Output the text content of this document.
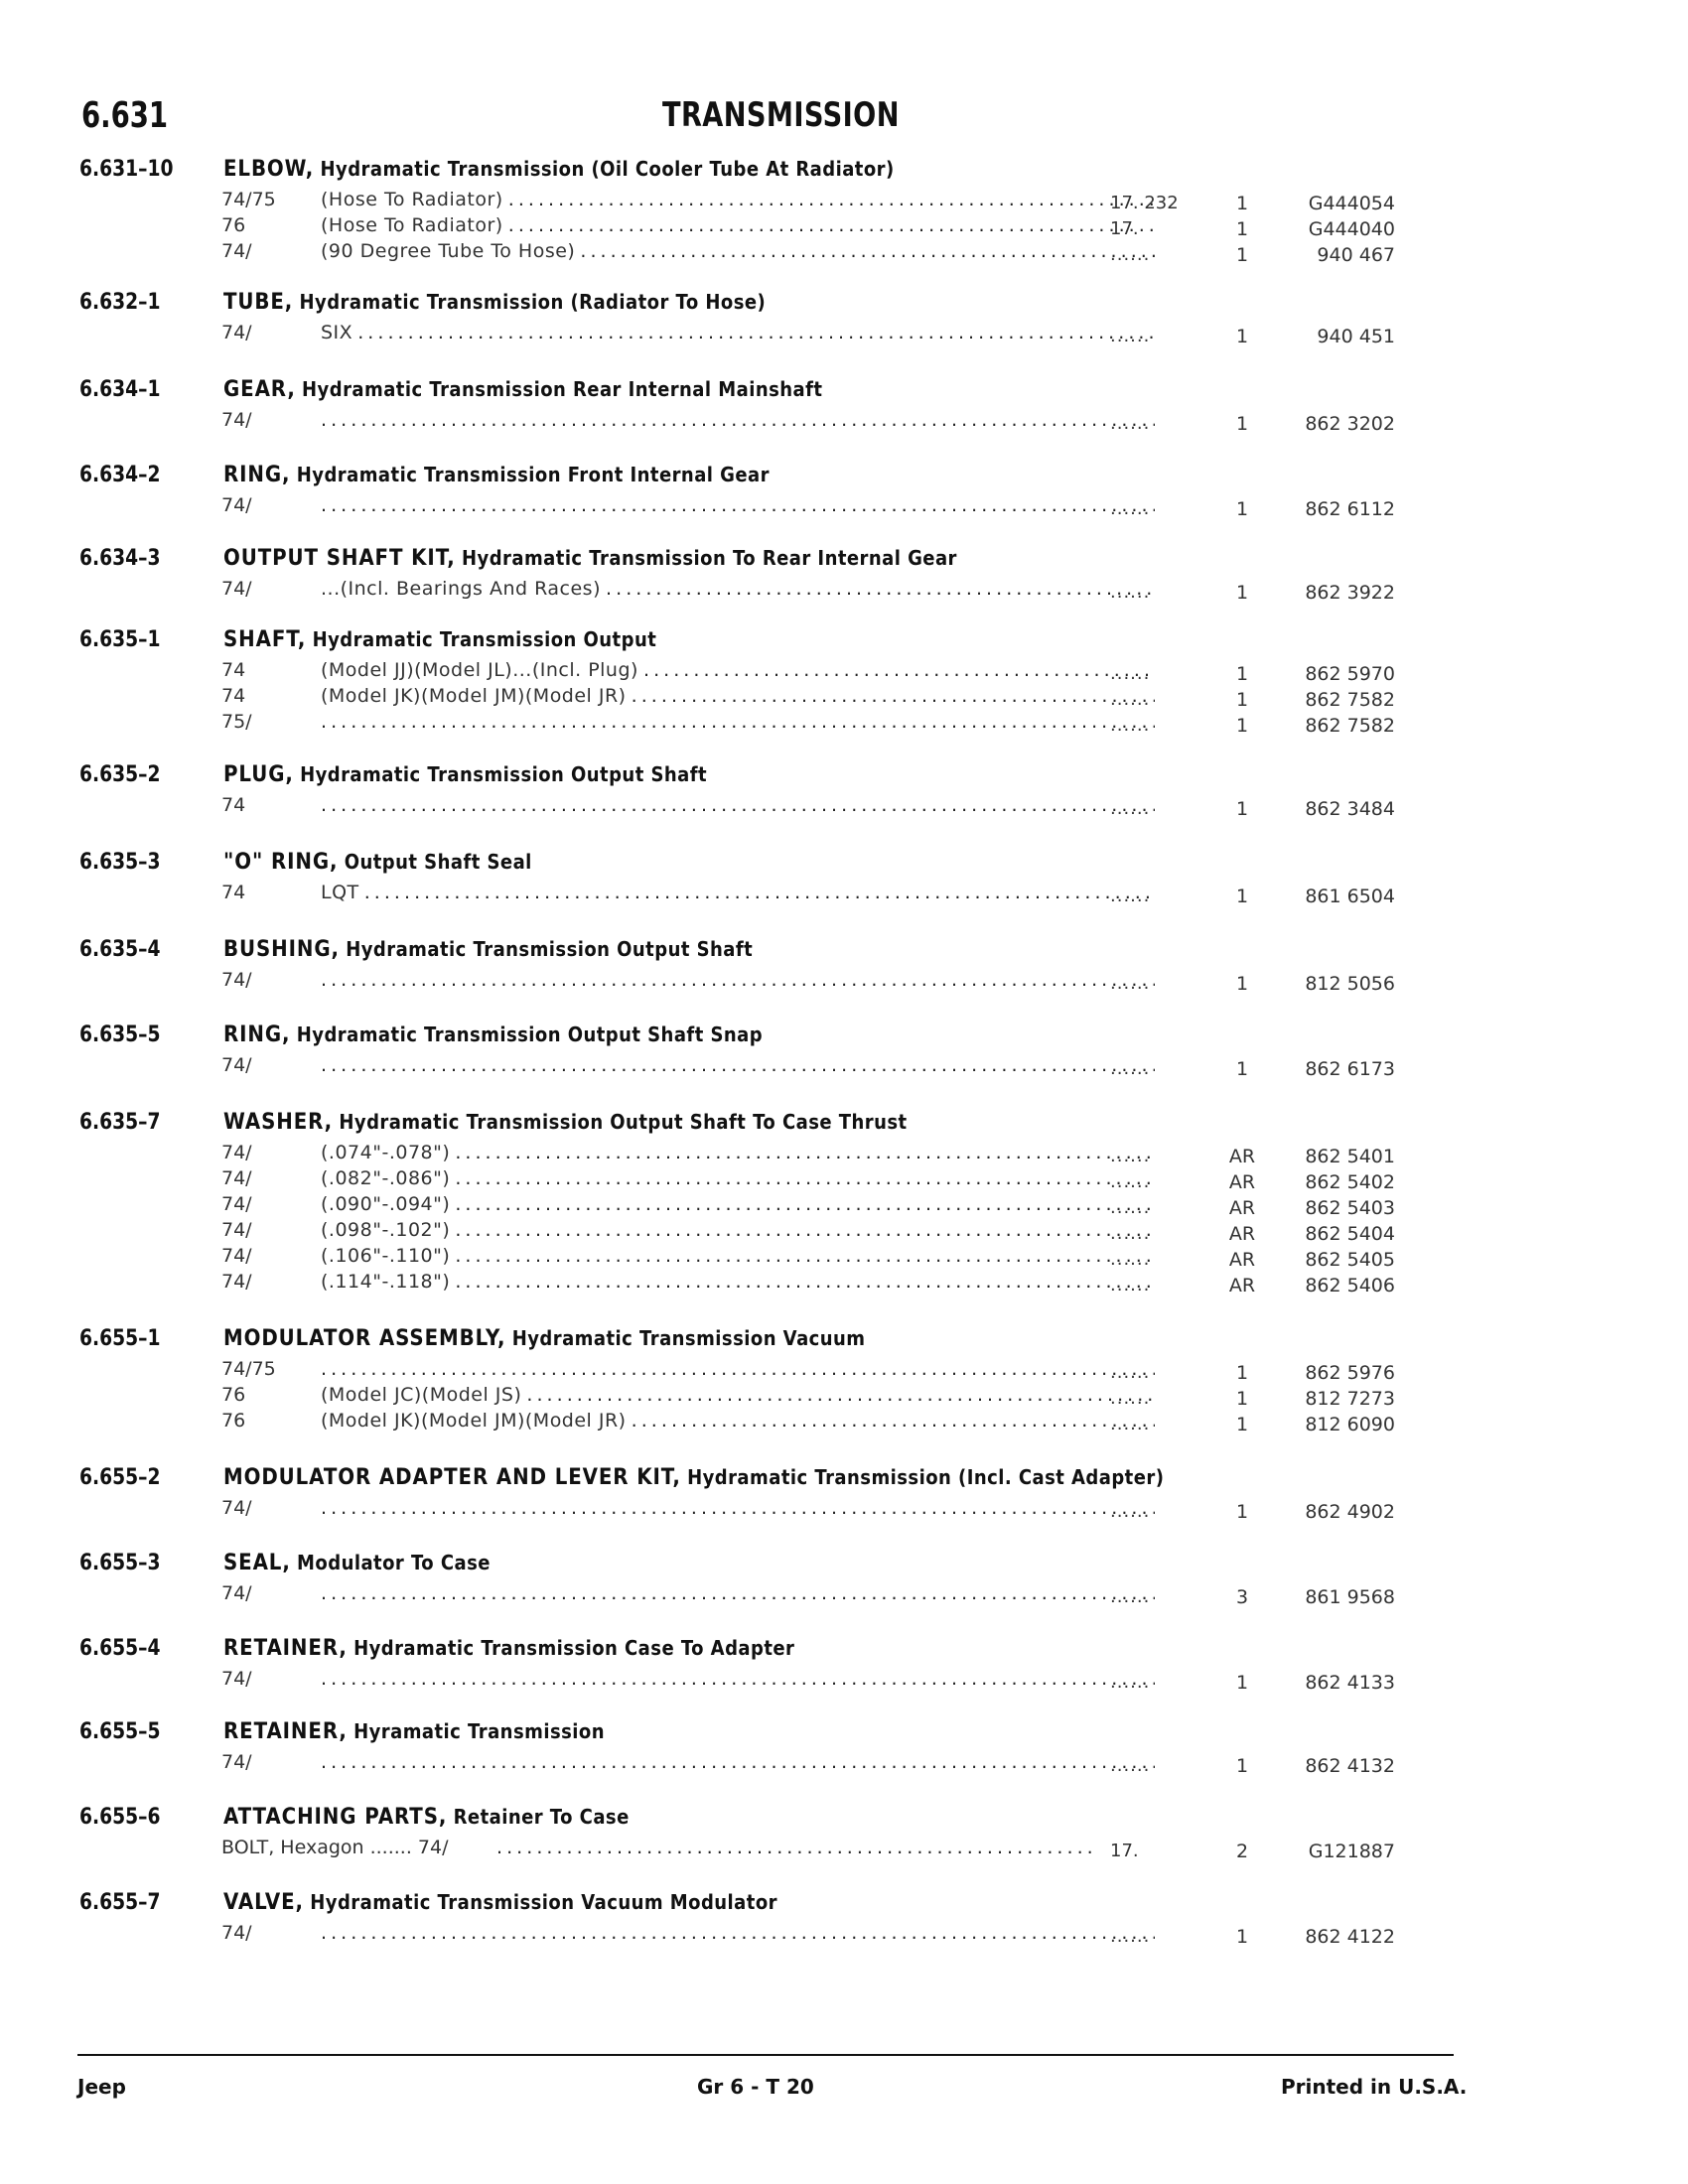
6.631	TRANSMISSION
6.631–10 ELBOW, Hydramatic Transmission (Oil Cooler Tube At Radiator)
74/75 (Hose To Radiator) . . .	17. 232	1	G444054
76	(Hose To Radiator) . . .	17.	1	G444040
74/	(90 Degree Tube To Hose) . . .	......	1	940 467
6.632–1	TUBE, Hydramatic Transmission (Radiator To Hose)
74/	SIX . . .	......	1	940 451
6.634–1	GEAR, Hydramatic Transmission Rear Internal Mainshaft
74/ . . .	......	1	862 3202
6.634–2	RING, Hydramatic Transmission Front Internal Gear
74/ . . .	......	1	862 6112
6.634–3	OUTPUT SHAFT KIT, Hydramatic Transmission To Rear Internal Gear
74/	...(Incl. Bearings And Races) . . .	......	1	862 3922
6.635–1	SHAFT, Hydramatic Transmission Output
74	(Model JJ)(Model JL)...(Incl. Plug) . . .	......	1	862 5970
74	(Model JK)(Model JM)(Model JR) . . .	......	1	862 7582
75/ . . .	......	1	862 7582
6.635–2	PLUG, Hydramatic Transmission Output Shaft
74 . . .	......	1	862 3484
6.635–3	"O" RING, Output Shaft Seal
74	LQT . . .	......	1	861 6504
6.635–4	BUSHING, Hydramatic Transmission Output Shaft
74/ . . .	......	1	812 5056
6.635–5	RING, Hydramatic Transmission Output Shaft Snap
74/ . . .	......	1	862 6173
6.635–7	WASHER, Hydramatic Transmission Output Shaft To Case Thrust
74/	(.074"-.078") . . .	......	AR	862 5401
74/	(.082"-.086") . . .	......	AR	862 5402
74/	(.090"-.094") . . .	......	AR	862 5403
74/	(.098"-.102") . . .	......	AR	862 5404
74/	(.106"-.110") . . .	......	AR	862 5405
74/	(.114"-.118") . . .	......	AR	862 5406
6.655–1	MODULATOR ASSEMBLY, Hydramatic Transmission Vacuum
74/75 . . .	......	1	862 5976
76	(Model JC)(Model JS) . . .	......	1	812 7273
76	(Model JK)(Model JM)(Model JR) . . .	......	1	812 6090
6.655–2	MODULATOR ADAPTER AND LEVER KIT, Hydramatic Transmission (Incl. Cast Adapter)
74/ . . .	......	1	862 4902
6.655–3	SEAL, Modulator To Case
74/ . . .	......	3	861 9568
6.655–4	RETAINER, Hydramatic Transmission Case To Adapter
74/ . . .	......	1	862 4133
6.655–5	RETAINER, Hyramatic Transmission
74/ . . .	......	1	862 4132
6.655–6	ATTACHING PARTS, Retainer To Case
BOLT, Hexagon ....... 74/ . . .	17.	2	G121887
6.655–7	VALVE, Hydramatic Transmission Vacuum Modulator
74/ . . .	......	1	862 4122
Jeep	Gr 6 - T 20	Printed in U.S.A.
